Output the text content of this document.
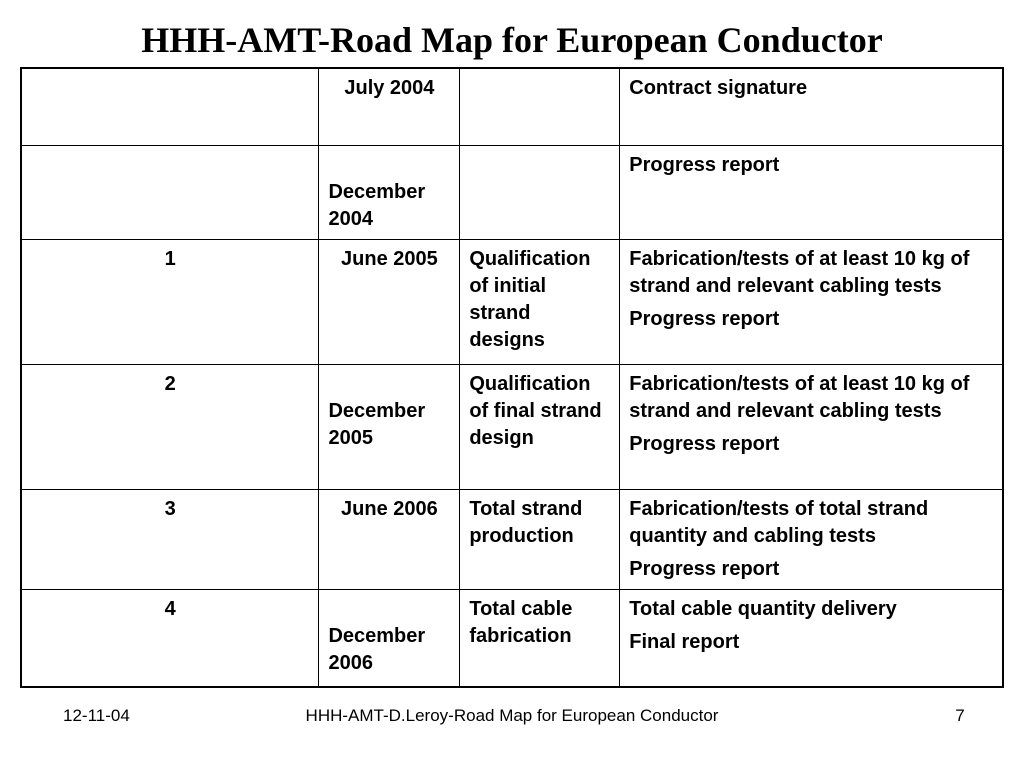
HHH-AMT-Road Map for European Conductor

	July 2004		Contract signature

	December 2004		Progress report

1	June 2005	Qualification of initial strand designs	Fabrication/tests of at least 10 kg of strand and relevant cabling tests
Progress report

2	December 2005	Qualification of final strand design	Fabrication/tests of at least 10 kg of strand and relevant cabling tests
Progress report

3	June 2006	Total strand production	Fabrication/tests of total strand quantity and cabling tests
Progress report

4	December 2006	Total cable fabrication	Total cable quantity delivery
Final report
12-11-04	HHH-AMT-D.Leroy-Road Map for European Conductor	7
